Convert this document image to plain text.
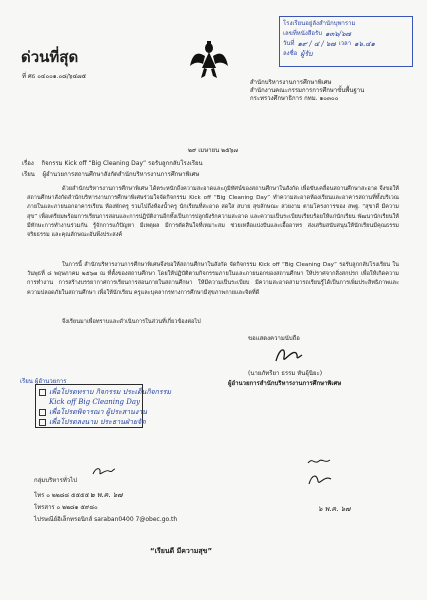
โรงเรียนอยู่ลังสำนักบุพาราม
เลขที่หนังสือรับ ๑๓๖/๖๗
วันที่ ๑๙ / ๔ / ๖๗ เวลา ๑๖.๔๑
ลงชื่อ ผู้รับ
ด่วนที่สุด
ที่ ศธ ๐๔๐๐๑.๐๘/๖๔๗๕
สำนักบริหารงานการศึกษาพิเศษ
สำนักงานคณะกรรมการการศึกษาขั้นพื้นฐาน
กระทรวงศึกษาธิการ กทม. ๑๐๓๐๐
๒๙ เมษายน ๒๕๖๗
เรื่อง กิจกรรม Kick off “Big Cleaning Day” รอรับลูกกลับโรงเรียน
เรียน ผู้อำนวยการสถานศึกษาสังกัดสำนักบริหารงานการศึกษาพิเศษ
ด้วยสำนักบริหารงานการศึกษาพิเศษ ได้ตระหนักถึงความสะอาดและภูมิทัศน์ของสถานศึกษาในสังกัด เพื่อขับเคลื่อนสถานศึกษาสะอาด จึงขอให้สถานศึกษาสังกัดสำนักบริหารงานการศึกษาพิเศษร่วมใจจัดกิจกรรม Kick off “Big Cleaning Day” ทำความสะอาดห้องเรียนและอาคารสถานที่ทั้งบริเวณภายในและภายนอกอาคารเรียน ห้องพักครู รวมไปถึงห้องน้ำครู นักเรียนที่สะอาด สดใส สบาย สุขลักษณะ สวยงาม ตามโครงการของ สพฐ. “สุขาดี มีความสุข” เพื่อเตรียมพร้อมการเรียนการสอนและการปฏิบัติงานอีกทั้งเป็นการปลูกฝังรักความสะอาด และความเป็นระเบียบเรียบร้อยให้แก่นักเรียน พัฒนานักเรียนให้มีทักษะการทำงานร่วมกัน รู้จักการแก้ปัญหา มีเหตุผล มีการตัดสินใจที่เหมาะสม ช่วยเหลือแบ่งปันและเอื้ออาทร ส่งเสริมสนับสนุนให้นักเรียนมีคุณธรรมจริยธรรม และคุณลักษณะอันพึงประสงค์
ในการนี้ สำนักบริหารงานการศึกษาพิเศษจึงขอให้สถานศึกษาในสังกัด จัดกิจกรรม Kick off “Big Cleaning Day” รอรับลูกกลับโรงเรียน ในวันพุธที่ ๘ พฤษภาคม ๒๕๖๗ ณ ที่ตั้งของสถานศึกษา โดยให้ปฏิบัติตามกิจกรรมภายในและภายนอกของสถานศึกษา ให้ปราศจากสิ่งสกปรก เพื่อให้เกิดความการทำงาน การสร้างบรรยากาศการเรียนการสอนภายในสถานศึกษา ให้มีความเป็นระเบียบ มีความสะอาดสามารถเรียนรู้ได้เป็นการเพิ่มประสิทธิภาพและความปลอดภัยในสถานศึกษา เพื่อให้นักเรียน ครูและบุคลากรทางการศึกษามีสุขภาพกายและจิตที่ดี
จึงเรียนมาเพื่อทราบและดำเนินการในส่วนที่เกี่ยวข้องต่อไป
ขอแสดงความนับถือ
(นายภัทรียา ธรรม หันอุ้นิยะ)
ผู้อำนวยการสำนักบริหารงานการศึกษาพิเศษ
เรียน ผู้อำนวยการ
เพื่อโปรดทราบ กิจกรรม ประเด็นกิจกรรม
Kick off Big Cleaning Day
เพื่อโปรดพิจารณา ผู้ประสานงาน
เพื่อโปรดลงนาม ประธานฝ่ายจัด
๖ พ.ค. ๖๗
กลุ่มบริหารทั่วไป
โทร ๐ ๒๒๘๘ ๕๕๕๕ ๒ พ.ค. ๖๗
โทรสาร ๐ ๒๒๘๑ ๕๙๘๐
ไปรษณีย์อิเล็กทรอนิกส์ saraban0400 7@obec.go.th
“เรียนดี มีความสุข”
